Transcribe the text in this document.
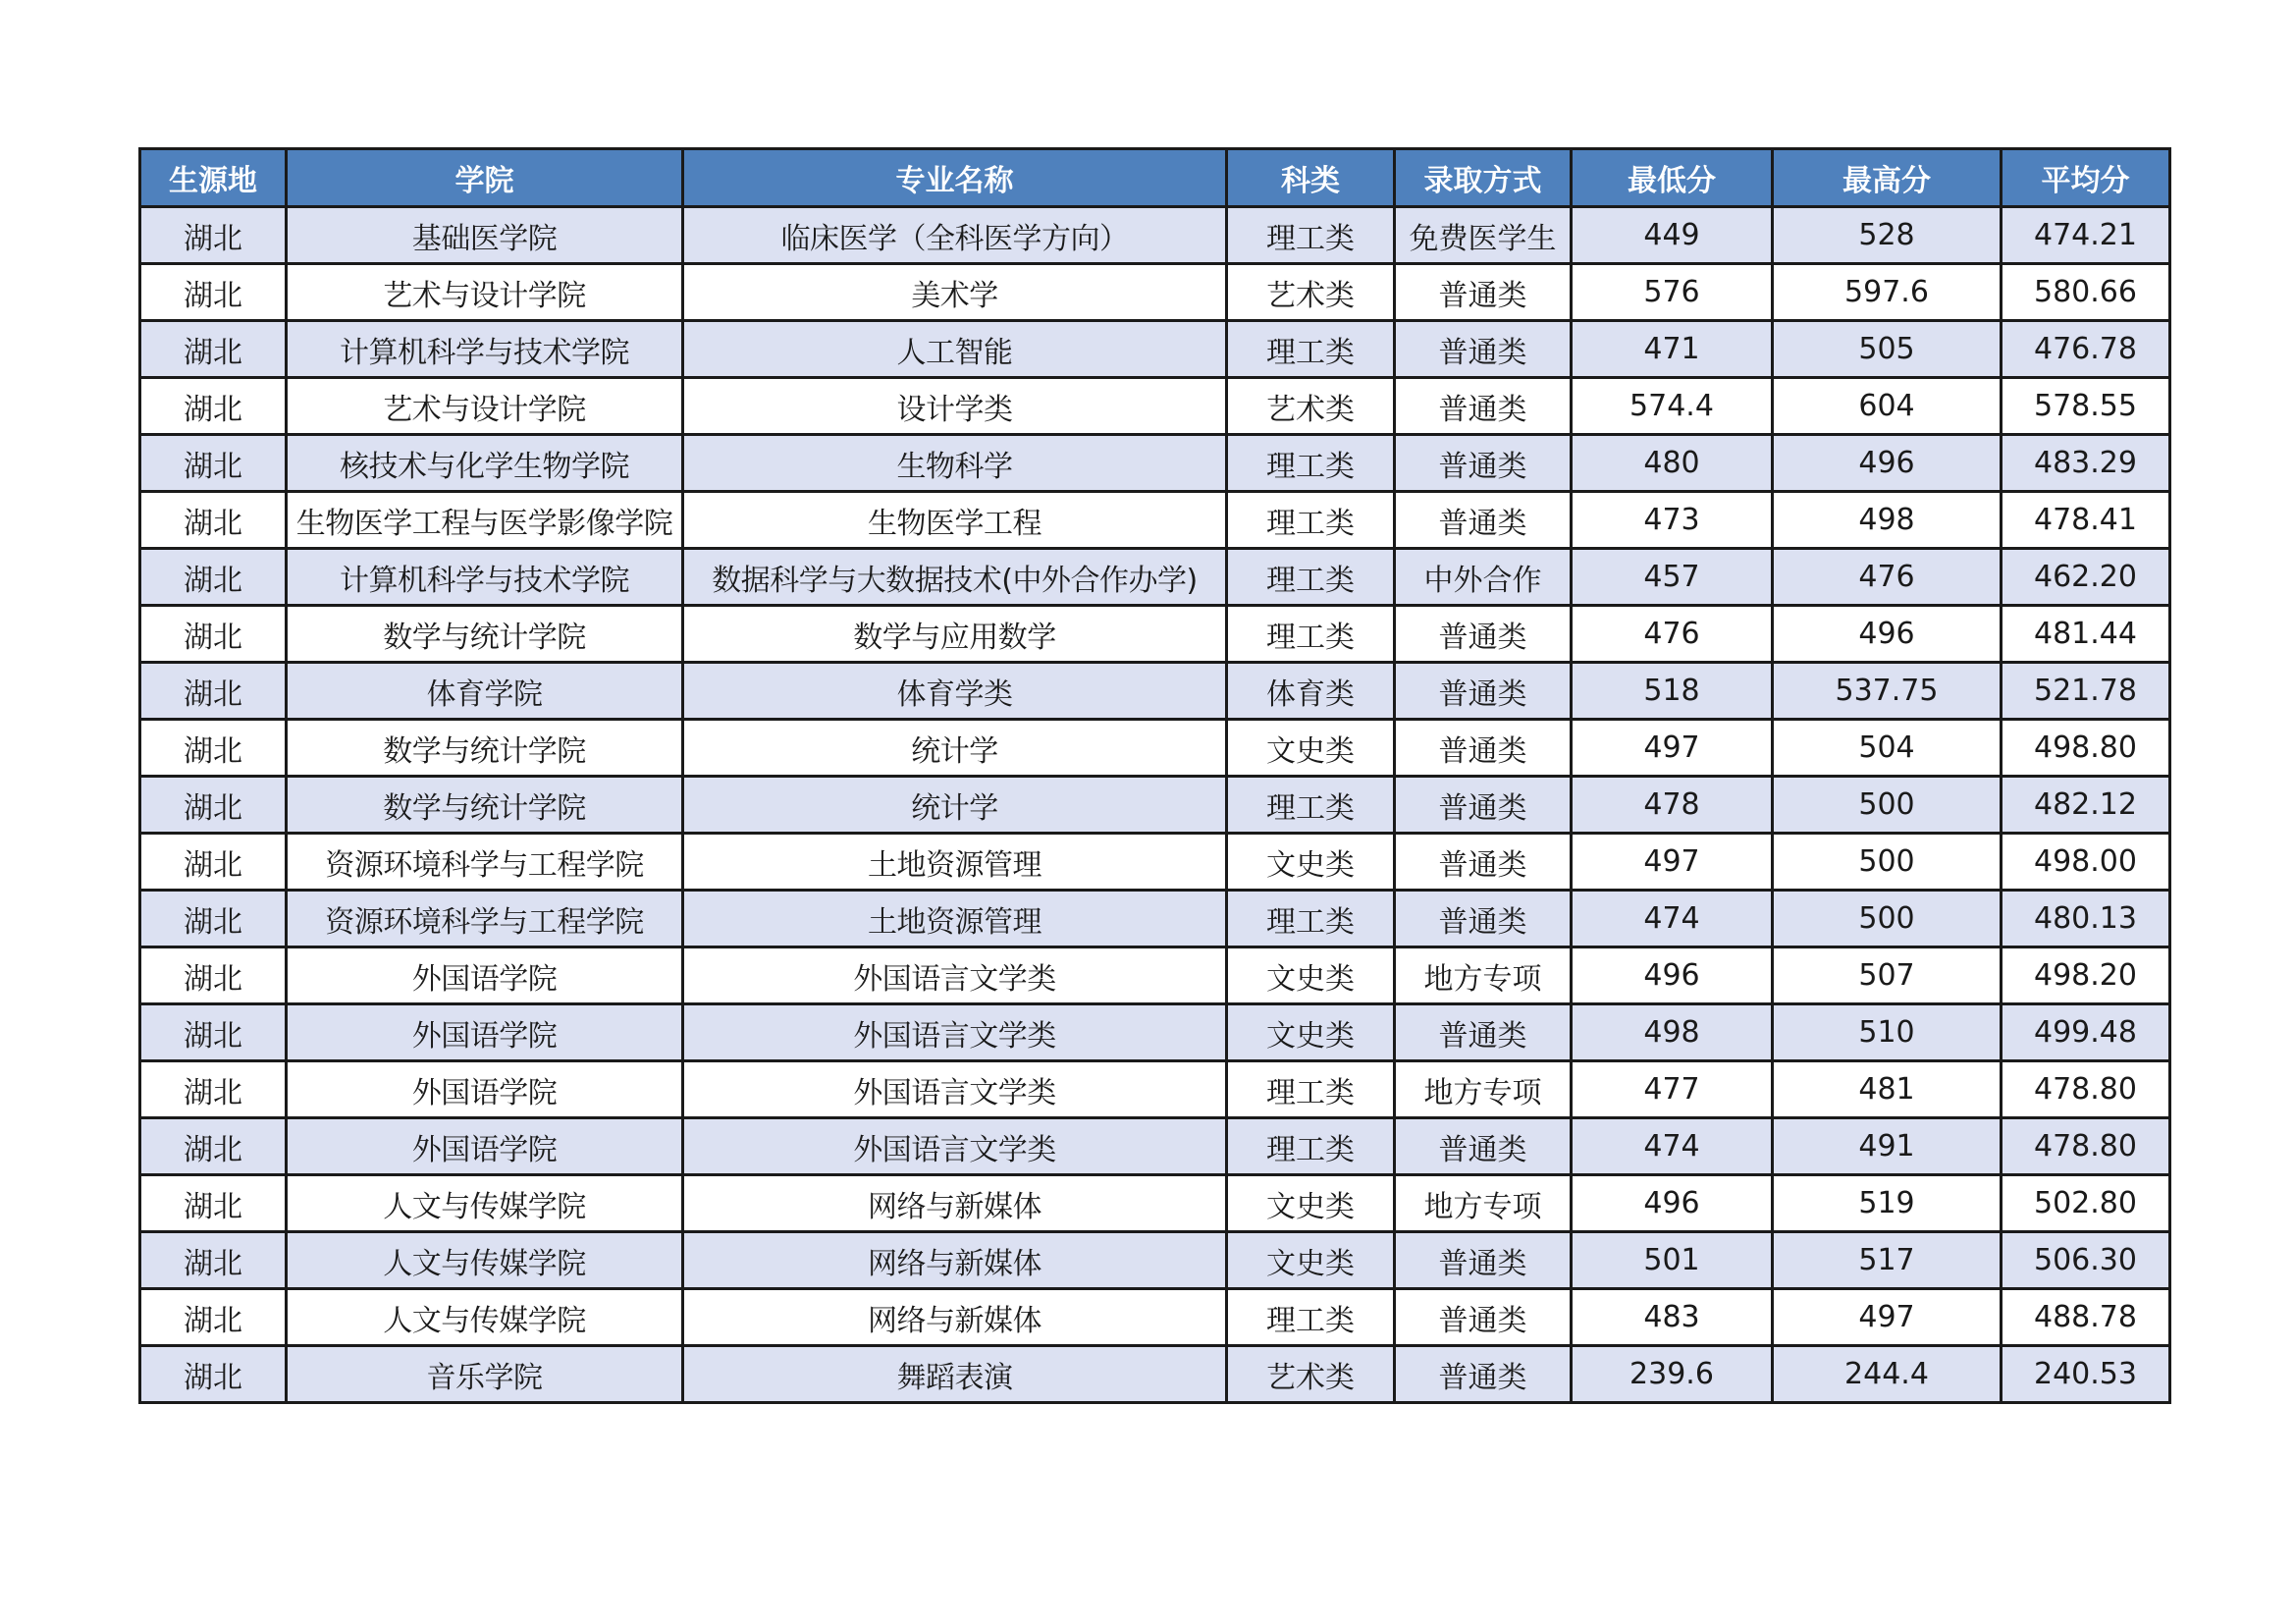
生源地	学院	专业名称	科类	录取方式	最低分	最高分	平均分
湖北	基础医学院	临床医学（全科医学方向）	理工类	免费医学生	449	528	474.21
湖北	艺术与设计学院	美术学	艺术类	普通类	576	597.6	580.66
湖北	计算机科学与技术学院	人工智能	理工类	普通类	471	505	476.78
湖北	艺术与设计学院	设计学类	艺术类	普通类	574.4	604	578.55
湖北	核技术与化学生物学院	生物科学	理工类	普通类	480	496	483.29
湖北	生物医学工程与医学影像学院	生物医学工程	理工类	普通类	473	498	478.41
湖北	计算机科学与技术学院	数据科学与大数据技术(中外合作办学)	理工类	中外合作	457	476	462.20
湖北	数学与统计学院	数学与应用数学	理工类	普通类	476	496	481.44
湖北	体育学院	体育学类	体育类	普通类	518	537.75	521.78
湖北	数学与统计学院	统计学	文史类	普通类	497	504	498.80
湖北	数学与统计学院	统计学	理工类	普通类	478	500	482.12
湖北	资源环境科学与工程学院	土地资源管理	文史类	普通类	497	500	498.00
湖北	资源环境科学与工程学院	土地资源管理	理工类	普通类	474	500	480.13
湖北	外国语学院	外国语言文学类	文史类	地方专项	496	507	498.20
湖北	外国语学院	外国语言文学类	文史类	普通类	498	510	499.48
湖北	外国语学院	外国语言文学类	理工类	地方专项	477	481	478.80
湖北	外国语学院	外国语言文学类	理工类	普通类	474	491	478.80
湖北	人文与传媒学院	网络与新媒体	文史类	地方专项	496	519	502.80
湖北	人文与传媒学院	网络与新媒体	文史类	普通类	501	517	506.30
湖北	人文与传媒学院	网络与新媒体	理工类	普通类	483	497	488.78
湖北	音乐学院	舞蹈表演	艺术类	普通类	239.6	244.4	240.53
